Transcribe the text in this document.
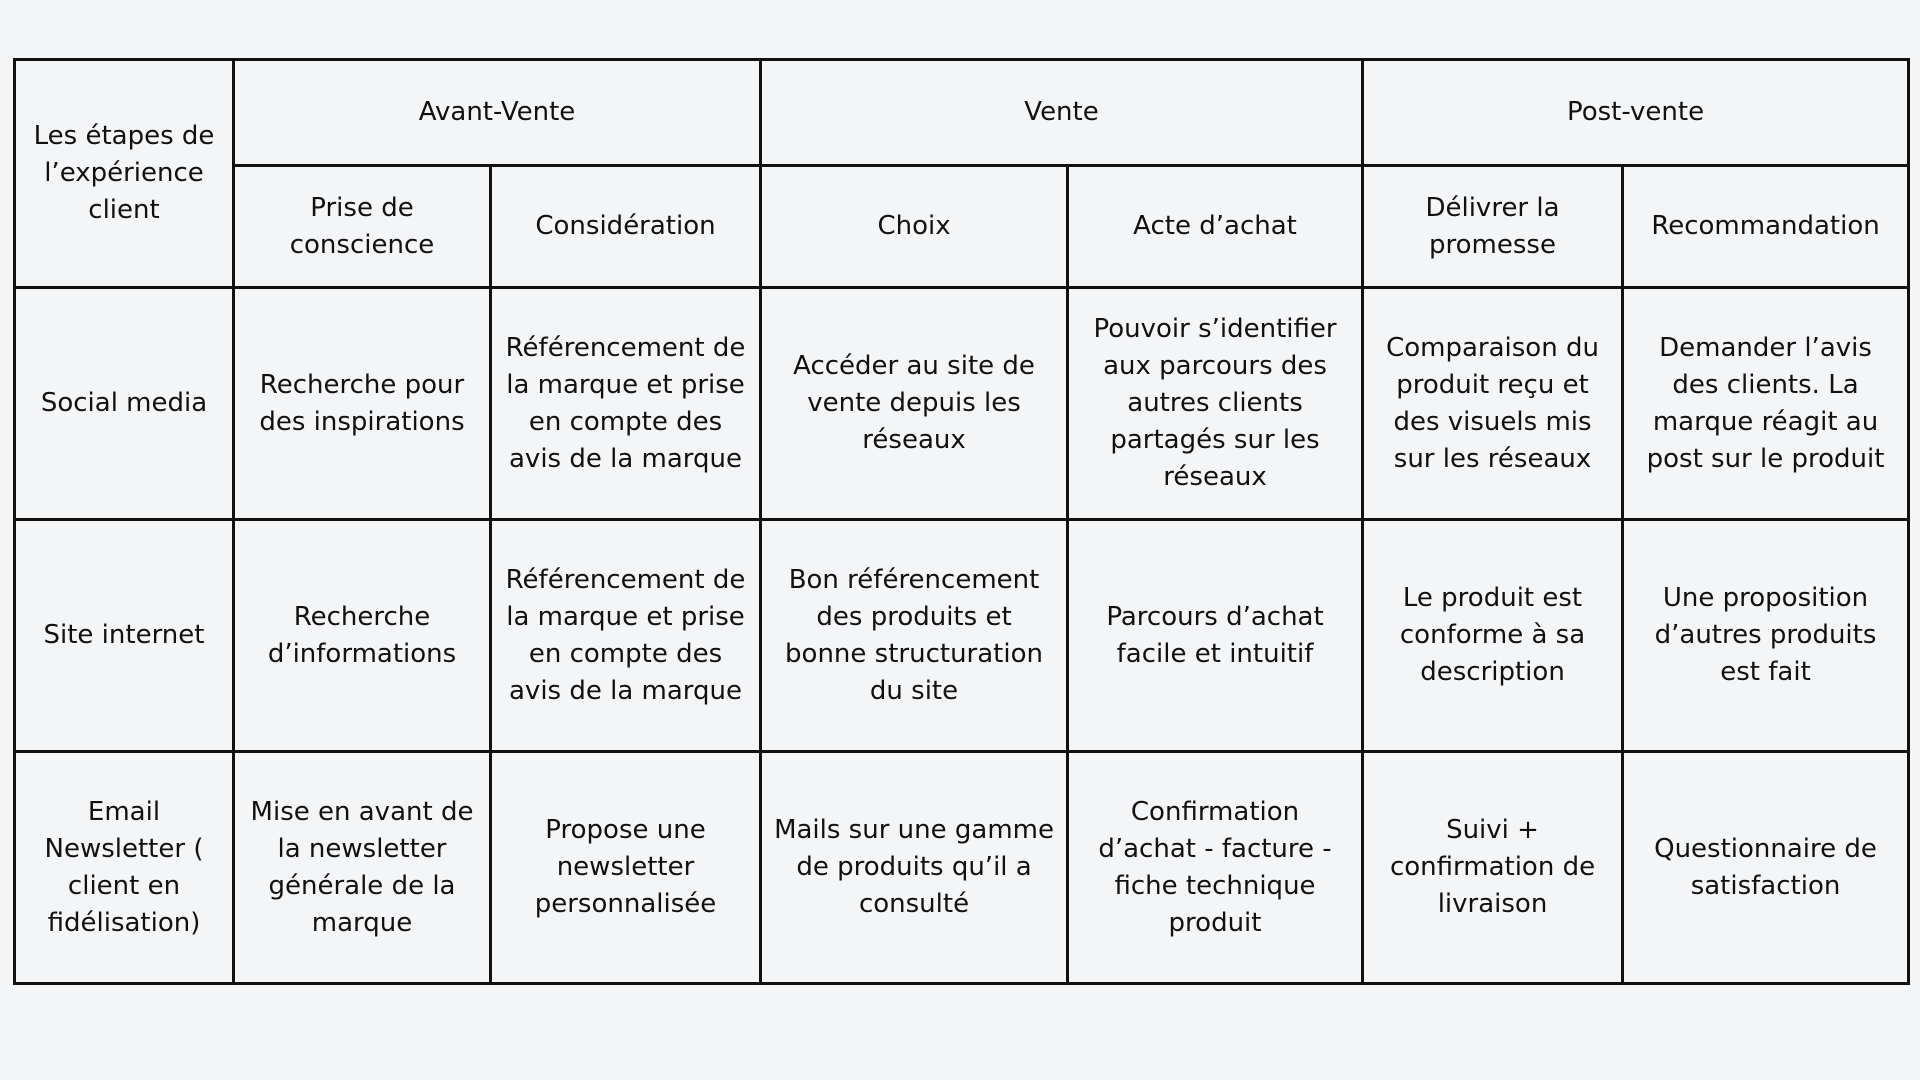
Les étapes de l’expérience client	Avant-Vente		Vente		Post-vente	
	Prise de conscience	Considération	Choix	Acte d’achat	Délivrer la promesse	Recommandation
Social media	Recherche pour des inspirations	Référencement de la marque et prise en compte des avis de la marque	Accéder au site de vente depuis les réseaux	Pouvoir s’identifier aux parcours des autres clients partagés sur les réseaux	Comparaison du produit reçu et des visuels mis sur les réseaux	Demander l’avis des clients. La marque réagit au post sur le produit
Site internet	Recherche d’informations	Référencement de la marque et prise en compte des avis de la marque	Bon référencement des produits et bonne structuration du site	Parcours d’achat facile et intuitif	Le produit est conforme à sa description	Une proposition d’autres produits est fait
Email Newsletter ( client en fidélisation)	Mise en avant de la newsletter générale de la marque	Propose une newsletter personnalisée	Mails sur une gamme de produits qu’il a consulté	Confirmation d’achat - facture - fiche technique produit	Suivi + confirmation de livraison	Questionnaire de satisfaction
